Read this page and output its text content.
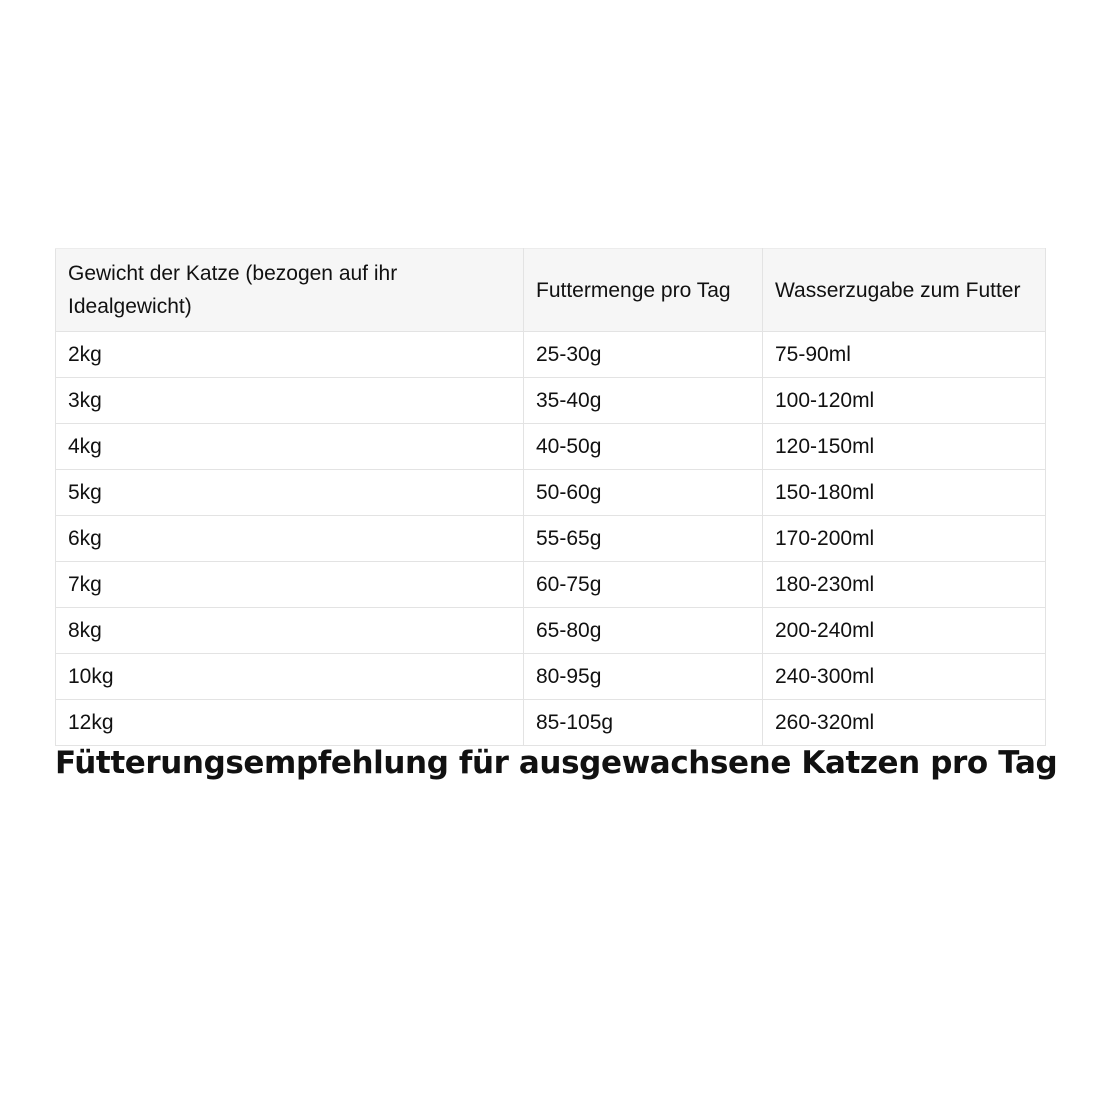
Gewicht der Katze (bezogen auf ihr Idealgewicht)	Futtermenge pro Tag	Wasserzugabe zum Futter
2kg	25-30g	75-90ml
3kg	35-40g	100-120ml
4kg	40-50g	120-150ml
5kg	50-60g	150-180ml
6kg	55-65g	170-200ml
7kg	60-75g	180-230ml
8kg	65-80g	200-240ml
10kg	80-95g	240-300ml
12kg	85-105g	260-320ml
Fütterungsempfehlung für ausgewachsene Katzen pro Tag
